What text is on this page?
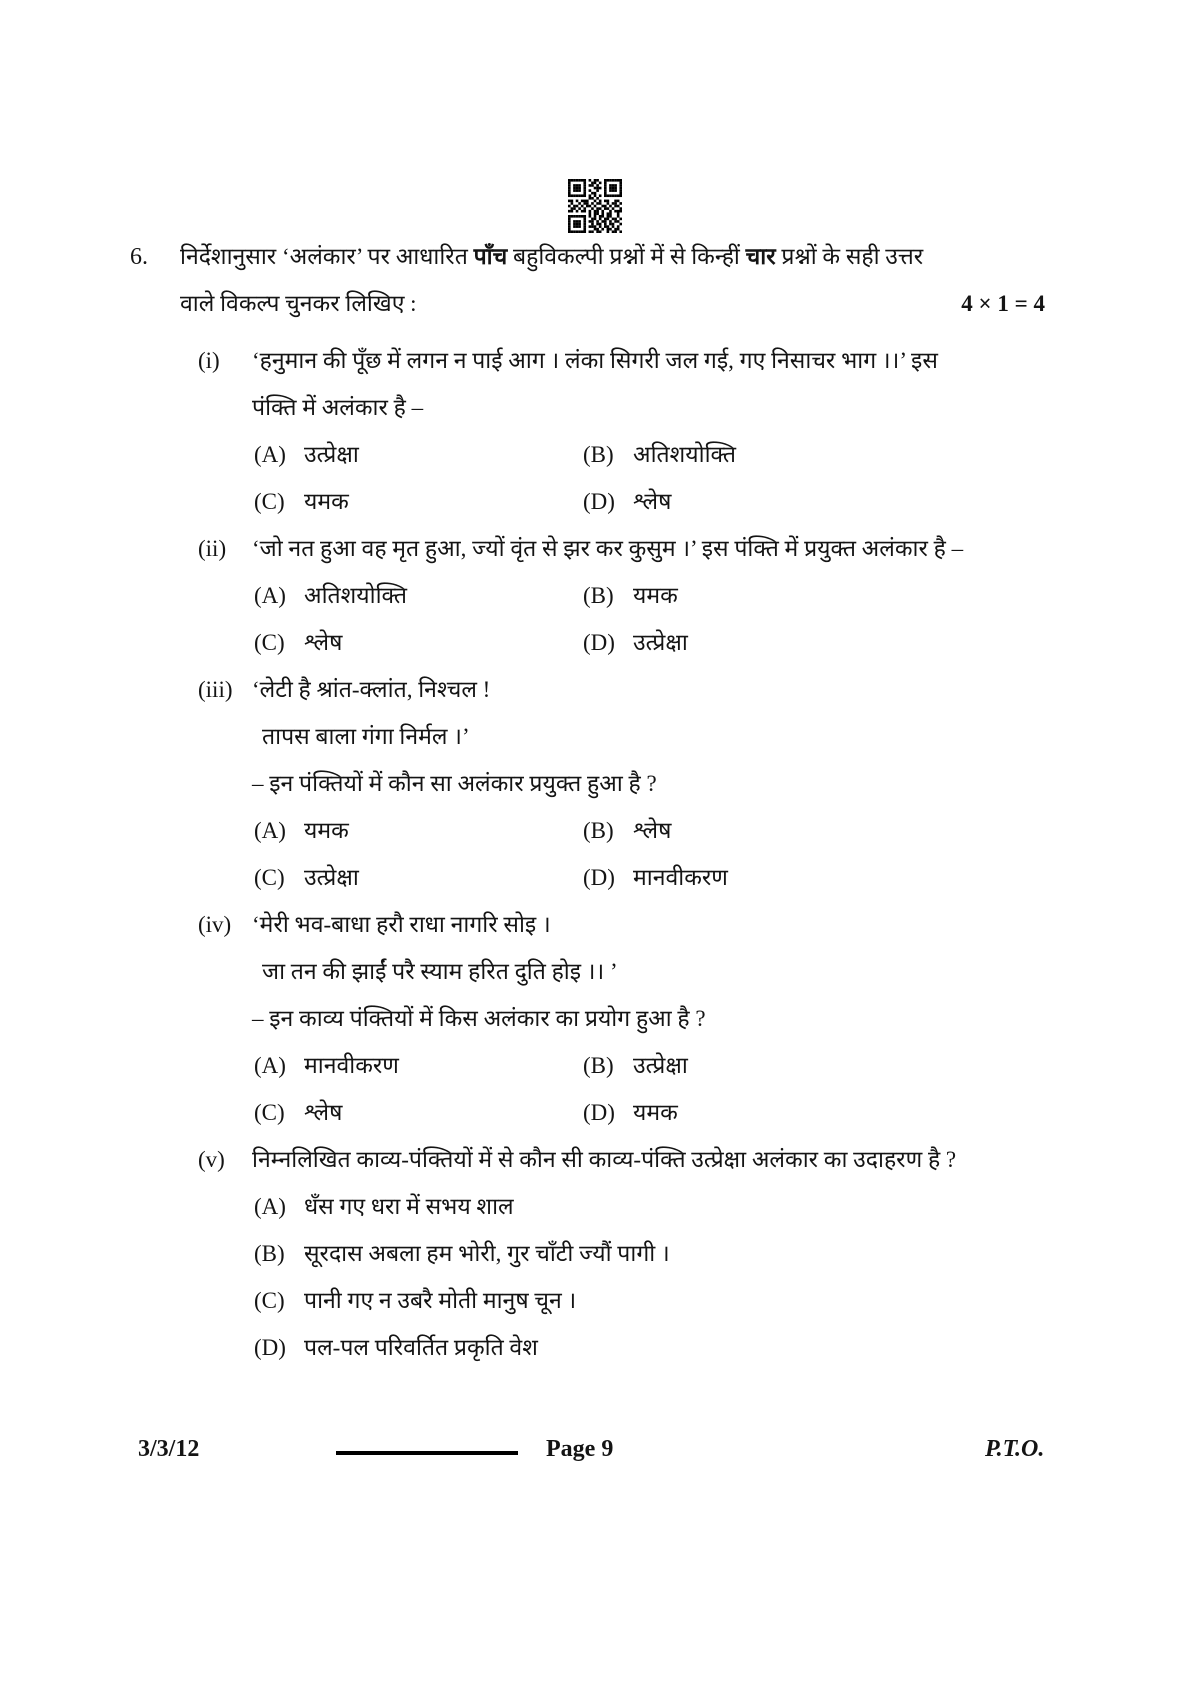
6.	निर्देशानुसार ‘अलंकार’ पर आधारित पाँच बहुविकल्पी प्रश्नों में से किन्हीं चार प्रश्नों के सही उत्तर
वाले विकल्प चुनकर लिखिए :	4 × 1 = 4
(i) ‘हनुमान की पूँछ में लगन न पाई आग । लंका सिगरी जल गई, गए निसाचर भाग ।।’ इस
पंक्ति में अलंकार है –
(A) उत्प्रेक्षा	(B) अतिशयोक्ति
(C) यमक	(D) श्लेष
(ii) ‘जो नत हुआ वह मृत हुआ, ज्यों वृंत से झर कर कुसुम ।’ इस पंक्ति में प्रयुक्त अलंकार है –
(A) अतिशयोक्ति	(B) यमक
(C) श्लेष	(D) उत्प्रेक्षा
(iii) ‘लेटी है श्रांत-क्लांत, निश्चल !
तापस बाला गंगा निर्मल ।’
– इन पंक्तियों में कौन सा अलंकार प्रयुक्त हुआ है ?
(A) यमक	(B) श्लेष
(C) उत्प्रेक्षा	(D) मानवीकरण
(iv) ‘मेरी भव-बाधा हरौ राधा नागरि सोइ ।
जा तन की झाईं परै स्याम हरित दुति होइ ।। ’
– इन काव्य पंक्तियों में किस अलंकार का प्रयोग हुआ है ?
(A) मानवीकरण	(B) उत्प्रेक्षा
(C) श्लेष	(D) यमक
(v) निम्नलिखित काव्य-पंक्तियों में से कौन सी काव्य-पंक्ति उत्प्रेक्षा अलंकार का उदाहरण है ?
(A) धँस गए धरा में सभय शाल
(B) सूरदास अबला हम भोरी, गुर चाँटी ज्यौं पागी ।
(C) पानी गए न उबरै मोती मानुष चून ।
(D) पल-पल परिवर्तित प्रकृति वेश
3/3/12	Page 9	P.T.O.
